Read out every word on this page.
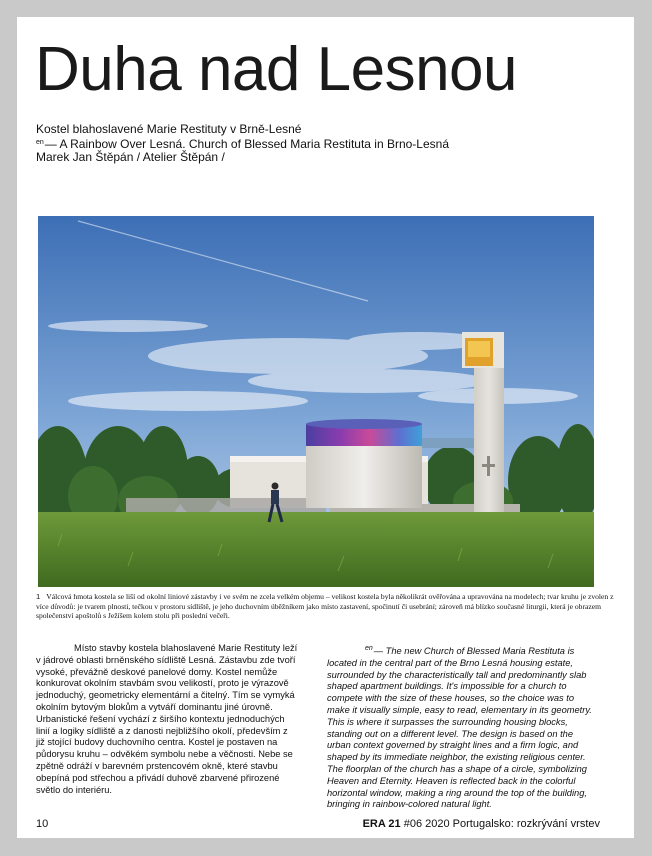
Duha nad Lesnou
Kostel blahoslavené Marie Restituty v Brně-Lesné
$^{en}$— A Rainbow Over Lesná. Church of Blessed Maria Restituta in Brno-Lesná
Marek Jan Štěpán / Atelier Štěpán /

1 Válcová hmota kostela se liší od okolní liniové zástavby i ve svém ne zcela velkém objemu – velikost kostela byla několikrát ověřována a upravována na modelech; tvar kruhu je zvolen z více důvodů: je tvarem plnosti, tečkou v prostoru sídliště, je jeho duchovním úběžníkem jako místo zastavení, spočinutí či usebrání; zároveň má blízko současné liturgii, která je obrazem společenství apoštolů s Ježíšem kolem stolu při poslední večeři.

Místo stavby kostela blahoslavené Marie Restituty leží v jádrové oblasti brněnského sídliště Lesná. Zástavbu zde tvoří vysoké, převážně deskové panelové domy. Kostel nemůže konkurovat okolním stavbám svou velikostí, proto je výrazově jednoduchý, geometricky elementární a čitelný. Tím se vymyká okolním bytovým blokům a vytváří dominantu jiné úrovně. Urbanistické řešení vychází z širšího kontextu jednoduchých linií a logiky sídliště a z danosti nejbližšího okolí, především z již stojící budovy duchovního centra. Kostel je postaven na půdorysu kruhu – odvěkém symbolu nebe a věčnosti. Nebe se zpětně odráží v barevném prstencovém okně, které stavbu obepíná pod střechou a přivádí duhově zbarvené přirozené světlo do interiéru.

$^{en}$— The new Church of Blessed Maria Restituta is located in the central part of the Brno Lesná housing estate, surrounded by the characteristically tall and predominantly slab shaped apartment buildings. It's impossible for a church to compete with the size of these houses, so the choice was to make it visually simple, easy to read, elementary in its geometry. This is where it surpasses the surrounding housing blocks, standing out on a different level. The design is based on the urban context governed by straight lines and a firm logic, and shaped by its immediate neighbor, the existing religious center. The floorplan of the church has a shape of a circle, symbolizing Heaven and Eternity. Heaven is reflected back in the colorful horizontal window, making a ring around the top of the building, bringing in rainbow-colored natural light.

10	ERA 21 #06 2020 Portugalsko: rozkrývání vrstev
